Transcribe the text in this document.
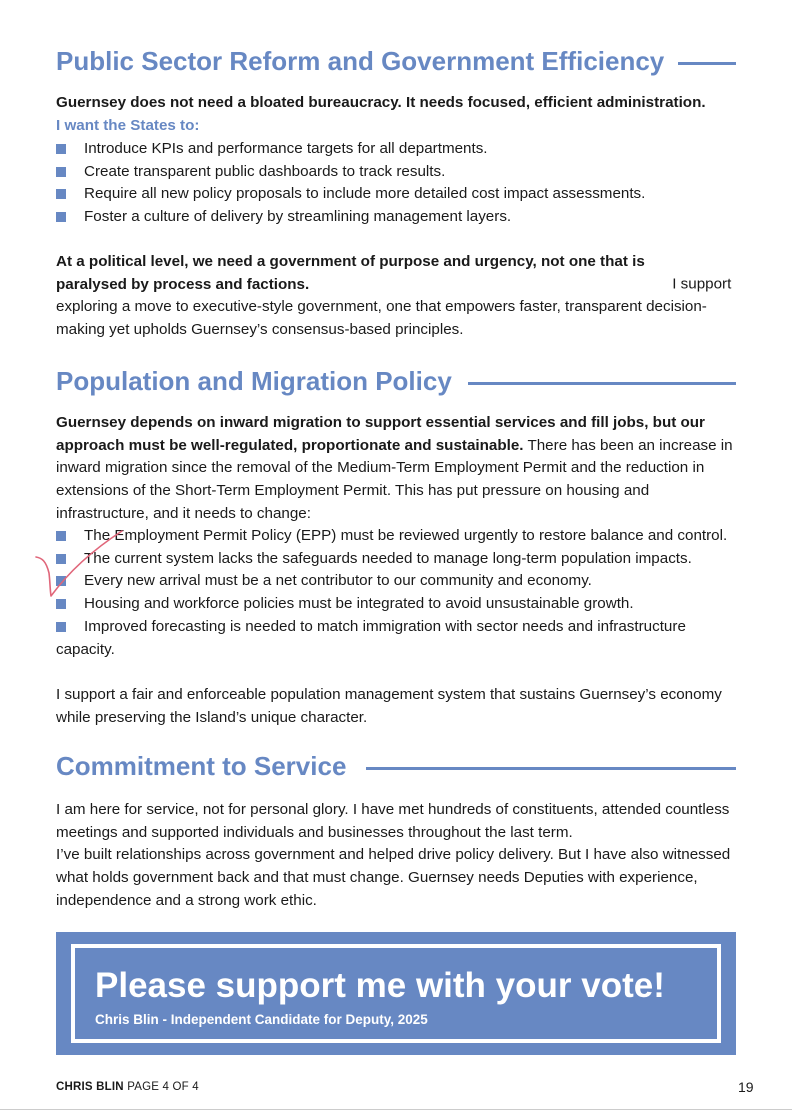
Public Sector Reform and Government Efficiency

Guernsey does not need a bloated bureaucracy. It needs focused, efficient administration.

I want the States to:

Introduce KPIs and performance targets for all departments.
Create transparent public dashboards to track results.
Require all new policy proposals to include more detailed cost impact assessments.
Foster a culture of delivery by streamlining management layers.

At a political level, we need a government of purpose and urgency, not one that is paralysed by process and factions.	I support exploring a move to executive-style government, one that empowers faster, transparent decision-making yet upholds Guernsey’s consensus-based principles.

Population and Migration Policy

Guernsey depends on inward migration to support essential services and fill jobs, but our approach must be well-regulated, proportionate and sustainable. There has been an increase in inward migration since the removal of the Medium-Term Employment Permit and the reduction in extensions of the Short-Term Employment Permit. This has put pressure on housing and infrastructure, and it needs to change:

The Employment Permit Policy (EPP) must be reviewed urgently to restore balance and control.
The current system lacks the safeguards needed to manage long-term population impacts.
Every new arrival must be a net contributor to our community and economy.
Housing and workforce policies must be integrated to avoid unsustainable growth.
Improved forecasting is needed to match immigration with sector needs and infrastructure capacity.

I support a fair and enforceable population management system that sustains Guernsey’s economy while preserving the Island’s unique character.

Commitment to Service

I am here for service, not for personal glory. I have met hundreds of constituents, attended countless meetings and supported individuals and businesses throughout the last term.
I’ve built relationships across government and helped drive policy delivery. But I have also witnessed what holds government back and that must change. Guernsey needs Deputies with experience, independence and a strong work ethic.

Please support me with your vote!
Chris Blin - Independent Candidate for Deputy, 2025
CHRIS BLIN PAGE 4 OF 4	19
